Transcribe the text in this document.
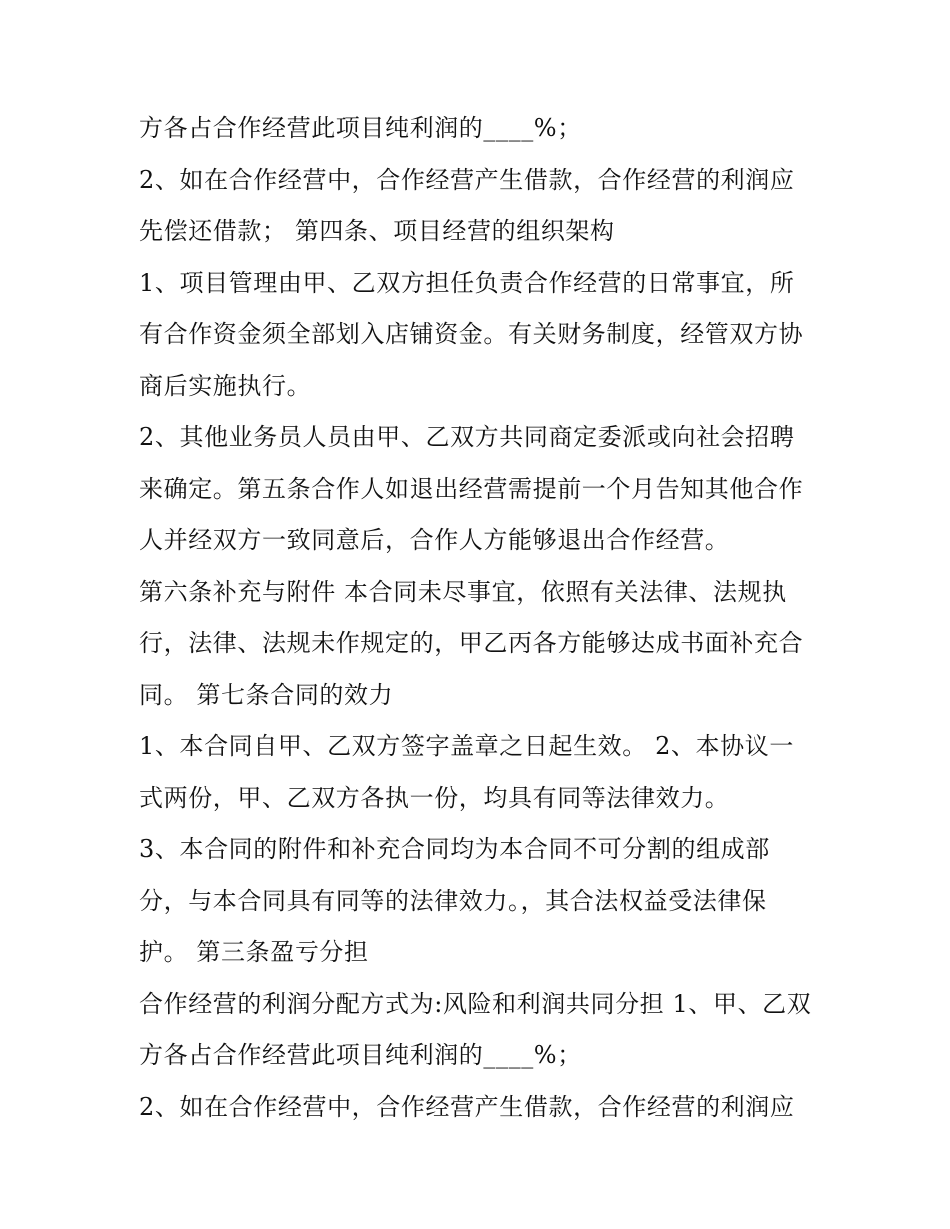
方各占合作经营此项目纯利润的____%；
2、如在合作经营中，合作经营产生借款，合作经营的利润应
先偿还借款； 第四条、项目经营的组织架构
1、项目管理由甲、乙双方担任负责合作经营的日常事宜，所
有合作资金须全部划入店铺资金。有关财务制度，经管双方协
商后实施执行。
2、其他业务员人员由甲、乙双方共同商定委派或向社会招聘
来确定。第五条合作人如退出经营需提前一个月告知其他合作
人并经双方一致同意后，合作人方能够退出合作经营。
第六条补充与附件 本合同未尽事宜，依照有关法律、法规执
行，法律、法规未作规定的，甲乙丙各方能够达成书面补充合
同。 第七条合同的效力
1、本合同自甲、乙双方签字盖章之日起生效。 2、本协议一
式两份，甲、乙双方各执一份，均具有同等法律效力。
3、本合同的附件和补充合同均为本合同不可分割的组成部
分，与本合同具有同等的法律效力。，其合法权益受法律保
护。 第三条盈亏分担
合作经营的利润分配方式为:风险和利润共同分担 1、甲、乙双
方各占合作经营此项目纯利润的____%；
2、如在合作经营中，合作经营产生借款，合作经营的利润应
